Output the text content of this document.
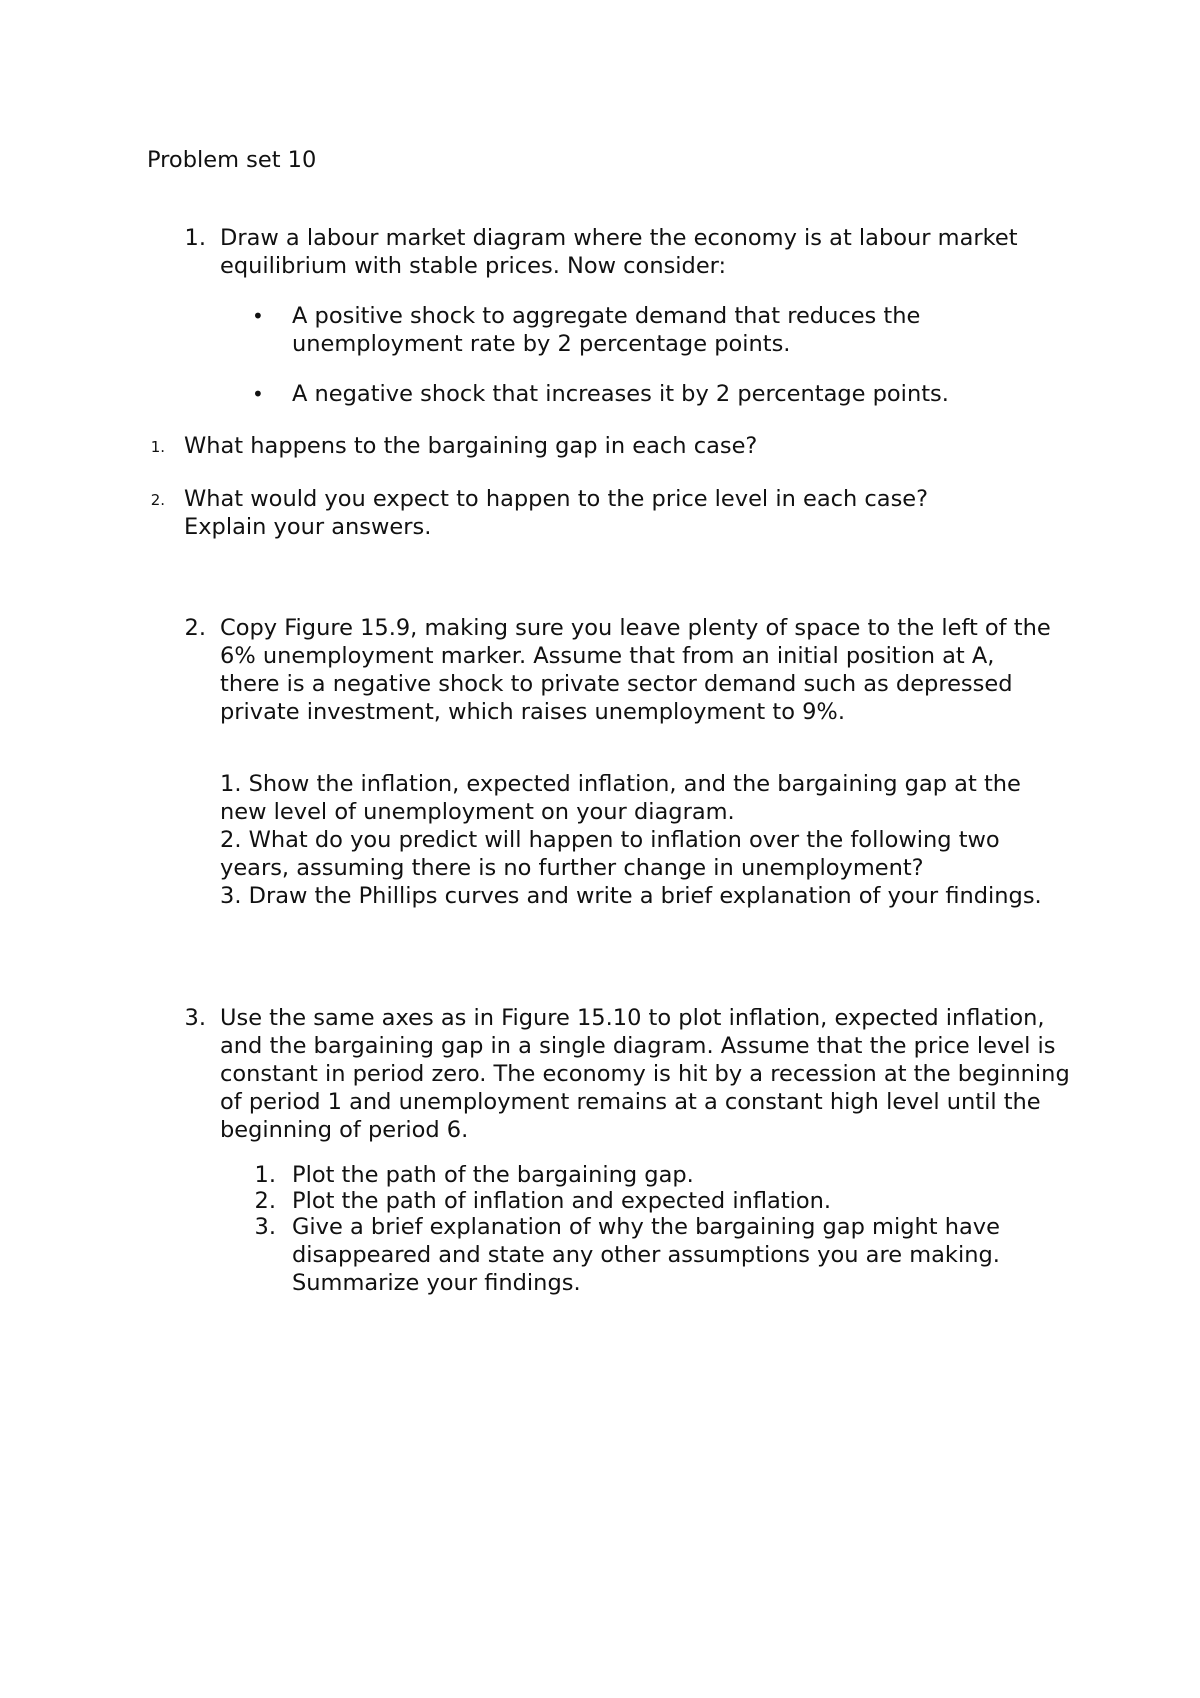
Problem set 10
1. Draw a labour market diagram where the economy is at labour market equilibrium with stable prices. Now consider:
• A positive shock to aggregate demand that reduces the unemployment rate by 2 percentage points.
• A negative shock that increases it by 2 percentage points.
1. What happens to the bargaining gap in each case?
2. What would you expect to happen to the price level in each case? Explain your answers.
2. Copy Figure 15.9, making sure you leave plenty of space to the left of the 6% unemployment marker. Assume that from an initial position at A, there is a negative shock to private sector demand such as depressed private investment, which raises unemployment to 9%.
1. Show the inflation, expected inflation, and the bargaining gap at the new level of unemployment on your diagram.
2. What do you predict will happen to inflation over the following two years, assuming there is no further change in unemployment?
3. Draw the Phillips curves and write a brief explanation of your findings.
3. Use the same axes as in Figure 15.10 to plot inflation, expected inflation, and the bargaining gap in a single diagram. Assume that the price level is constant in period zero. The economy is hit by a recession at the beginning of period 1 and unemployment remains at a constant high level until the beginning of period 6.
1. Plot the path of the bargaining gap.
2. Plot the path of inflation and expected inflation.
3. Give a brief explanation of why the bargaining gap might have disappeared and state any other assumptions you are making. Summarize your findings.
